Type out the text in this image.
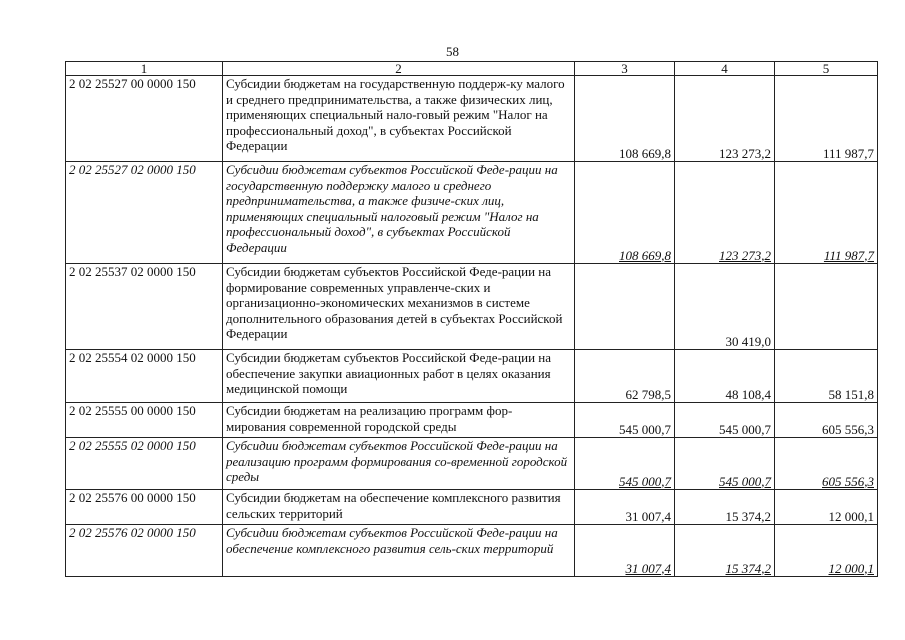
58
1	2	3	4	5
2 02 25527 00 0000 150	Субсидии бюджетам на государственную поддерж-ку малого и среднего предпринимательства, а также физических лиц, применяющих специальный нало-говый режим "Налог на профессиональный доход", в субъектах Российской Федерации	108 669,8	123 273,2	111 987,7
2 02 25527 02 0000 150	Субсидии бюджетам субъектов Российской Феде-рации на государственную поддержку малого и среднего предпринимательства, а также физиче-ских лиц, применяющих специальный налоговый режим "Налог на профессиональный доход", в субъектах Российской Федерации	108 669,8	123 273,2	111 987,7
2 02 25537 02 0000 150	Субсидии бюджетам субъектов Российской Феде-рации на формирование современных управленче-ских и организационно-экономических механизмов в системе дополнительного образования детей в субъектах Российской Федерации		30 419,0	
2 02 25554 02 0000 150	Субсидии бюджетам субъектов Российской Феде-рации на обеспечение закупки авиационных работ в целях оказания медицинской помощи	62 798,5	48 108,4	58 151,8
2 02 25555 00 0000 150	Субсидии бюджетам на реализацию программ фор-мирования современной городской среды	545 000,7	545 000,7	605 556,3
2 02 25555 02 0000 150	Субсидии бюджетам субъектов Российской Феде-рации на реализацию программ формирования со-временной городской среды	545 000,7	545 000,7	605 556,3
2 02 25576 00 0000 150	Субсидии бюджетам на обеспечение комплексного развития сельских территорий	31 007,4	15 374,2	12 000,1
2 02 25576 02 0000 150	Субсидии бюджетам субъектов Российской Феде-рации на обеспечение комплексного развития сель-ских территорий	31 007,4	15 374,2	12 000,1
